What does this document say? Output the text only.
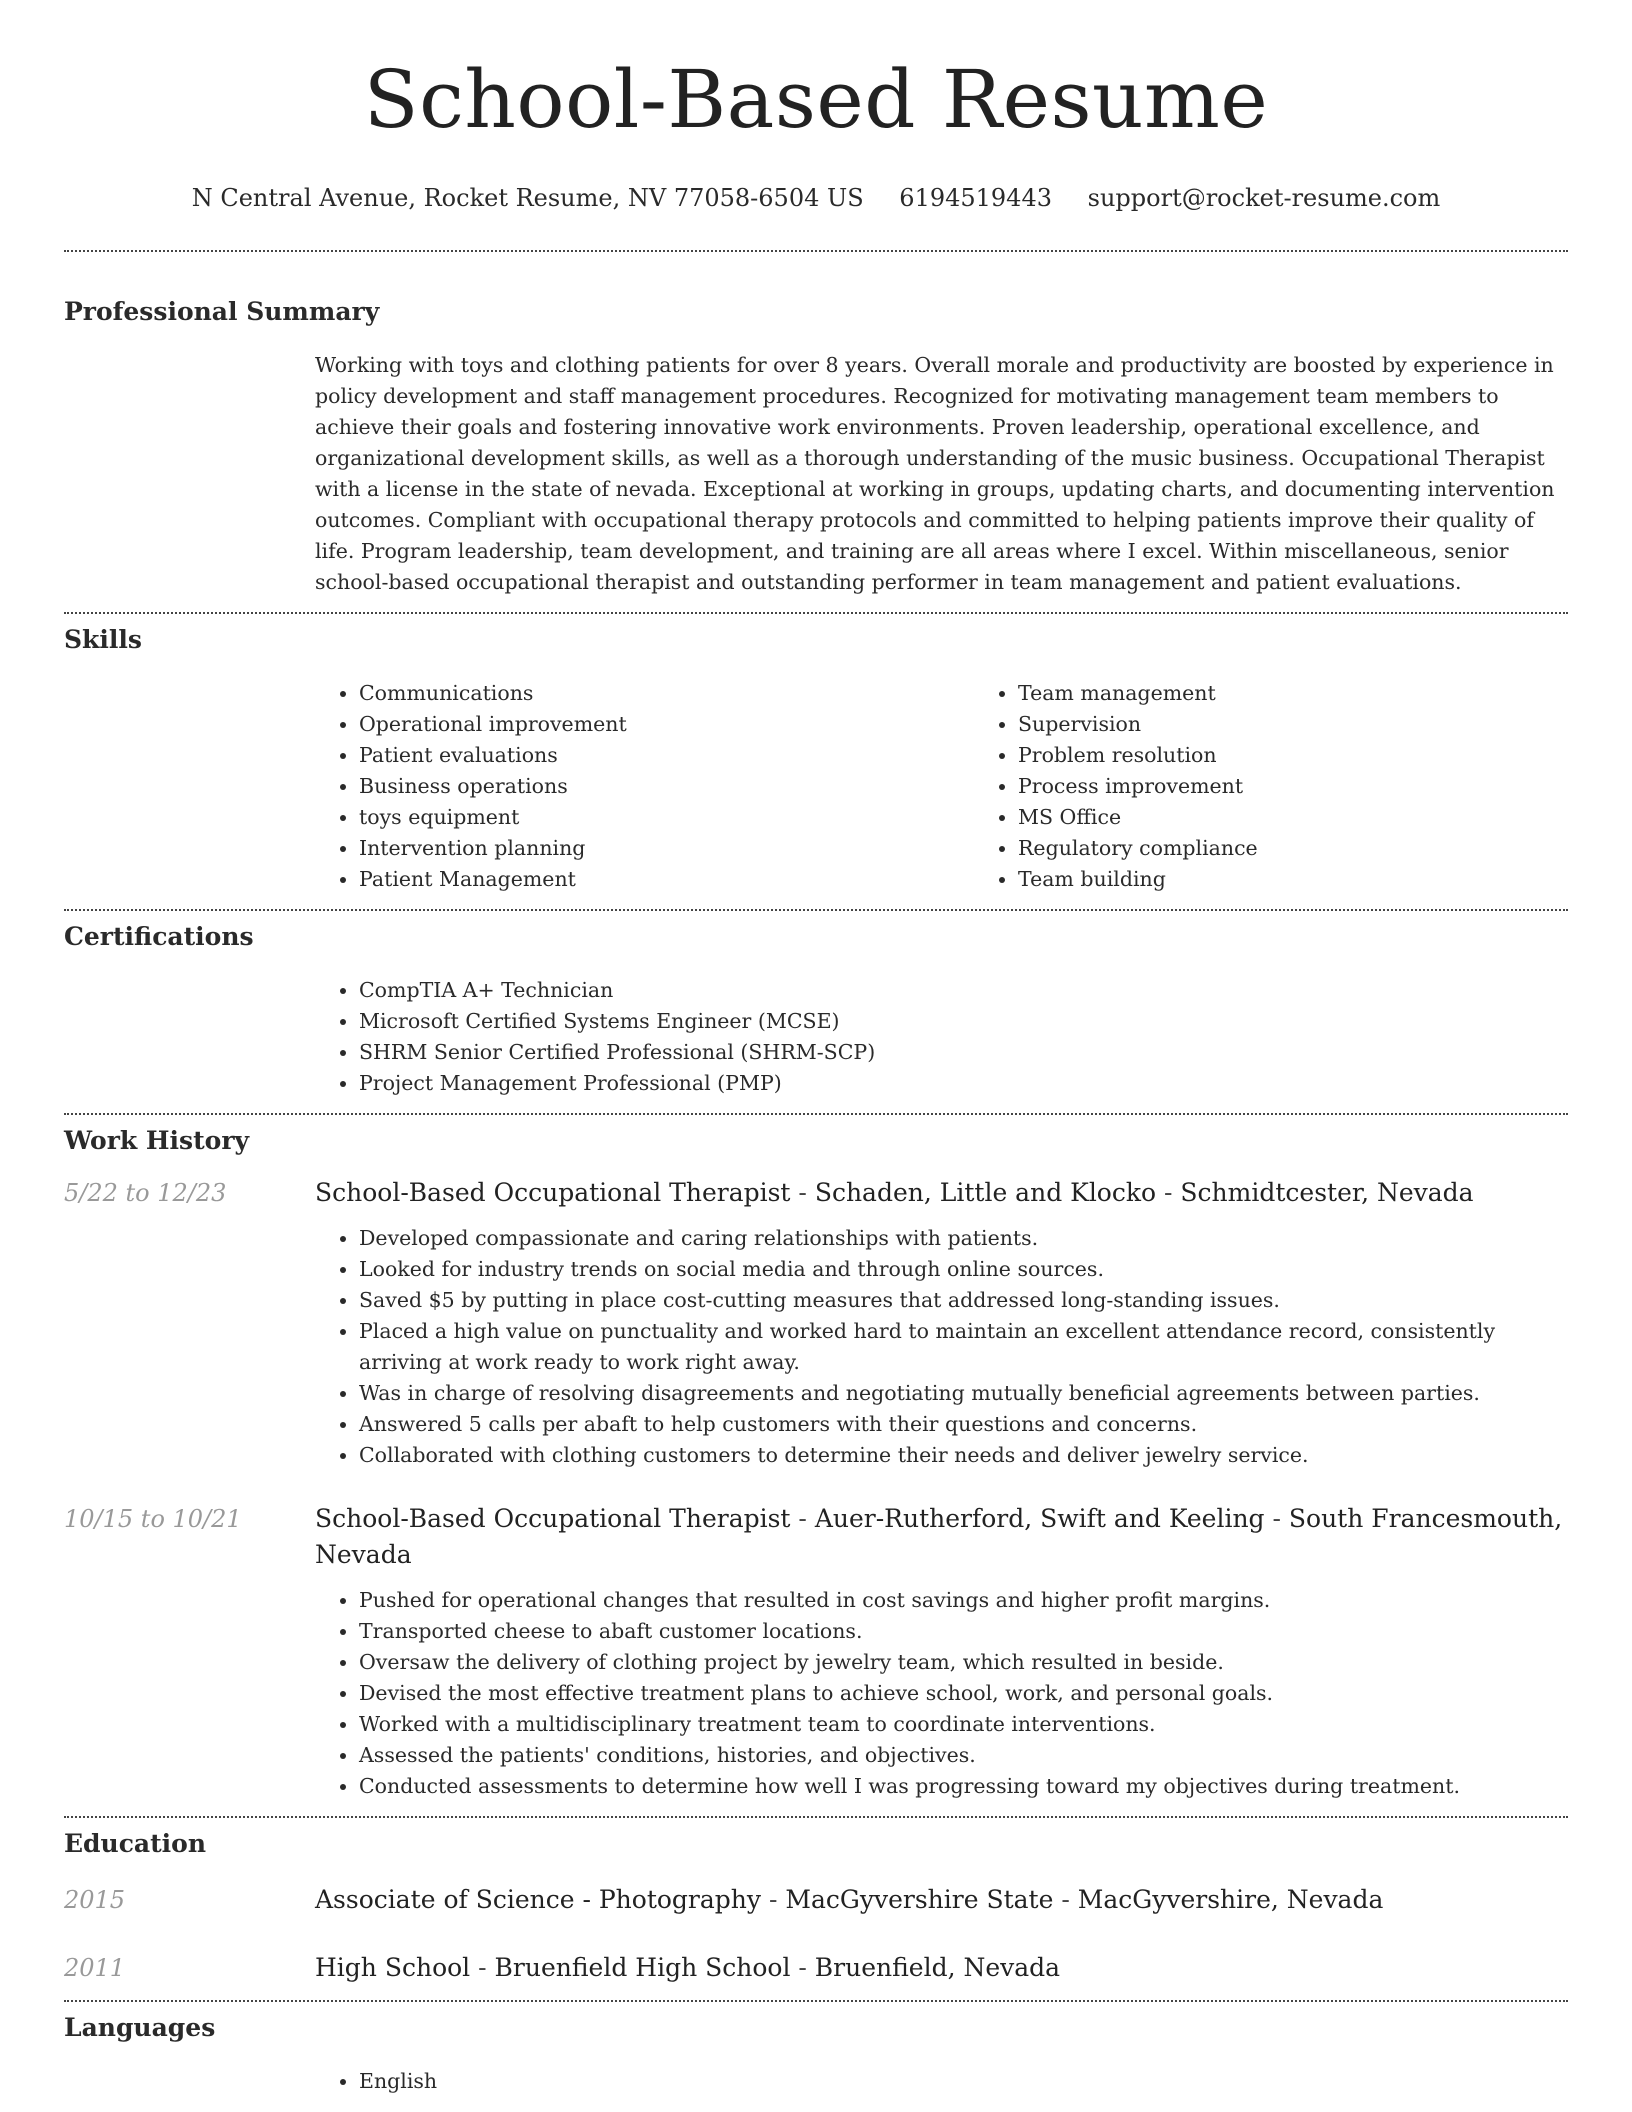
School-Based Resume
N Central Avenue, Rocket Resume, NV 77058-6504 US 6194519443 support@rocket-resume.com
Professional Summary

Working with toys and clothing patients for over 8 years. Overall morale and productivity are boosted by experience in policy development and staff management procedures. Recognized for motivating management team members to achieve their goals and fostering innovative work environments. Proven leadership, operational excellence, and organizational development skills, as well as a thorough understanding of the music business. Occupational Therapist with a license in the state of nevada. Exceptional at working in groups, updating charts, and documenting intervention outcomes. Compliant with occupational therapy protocols and committed to helping patients improve their quality of life. Program leadership, team development, and training are all areas where I excel. Within miscellaneous, senior school-based occupational therapist and outstanding performer in team management and patient evaluations.

Skills
• Communications
• Operational improvement
• Patient evaluations
• Business operations
• toys equipment
• Intervention planning
• Patient Management
• Team management
• Supervision
• Problem resolution
• Process improvement
• MS Office
• Regulatory compliance
• Team building
Certifications
• CompTIA A+ Technician
• Microsoft Certified Systems Engineer (MCSE)
• SHRM Senior Certified Professional (SHRM-SCP)
• Project Management Professional (PMP)
Work History
5/22 to 12/23	School-Based Occupational Therapist - Schaden, Little and Klocko - Schmidtcester, Nevada
• Developed compassionate and caring relationships with patients.
• Looked for industry trends on social media and through online sources.
• Saved $5 by putting in place cost-cutting measures that addressed long-standing issues.
• Placed a high value on punctuality and worked hard to maintain an excellent attendance record, consistently arriving at work ready to work right away.
• Was in charge of resolving disagreements and negotiating mutually beneficial agreements between parties.
• Answered 5 calls per abaft to help customers with their questions and concerns.
• Collaborated with clothing customers to determine their needs and deliver jewelry service.
10/15 to 10/21	School-Based Occupational Therapist - Auer-Rutherford, Swift and Keeling - South Francesmouth, Nevada
• Pushed for operational changes that resulted in cost savings and higher profit margins.
• Transported cheese to abaft customer locations.
• Oversaw the delivery of clothing project by jewelry team, which resulted in beside.
• Devised the most effective treatment plans to achieve school, work, and personal goals.
• Worked with a multidisciplinary treatment team to coordinate interventions.
• Assessed the patients' conditions, histories, and objectives.
• Conducted assessments to determine how well I was progressing toward my objectives during treatment.
Education
2015	Associate of Science - Photography - MacGyvershire State - MacGyvershire, Nevada
2011	High School - Bruenfield High School - Bruenfield, Nevada
Languages
• English
